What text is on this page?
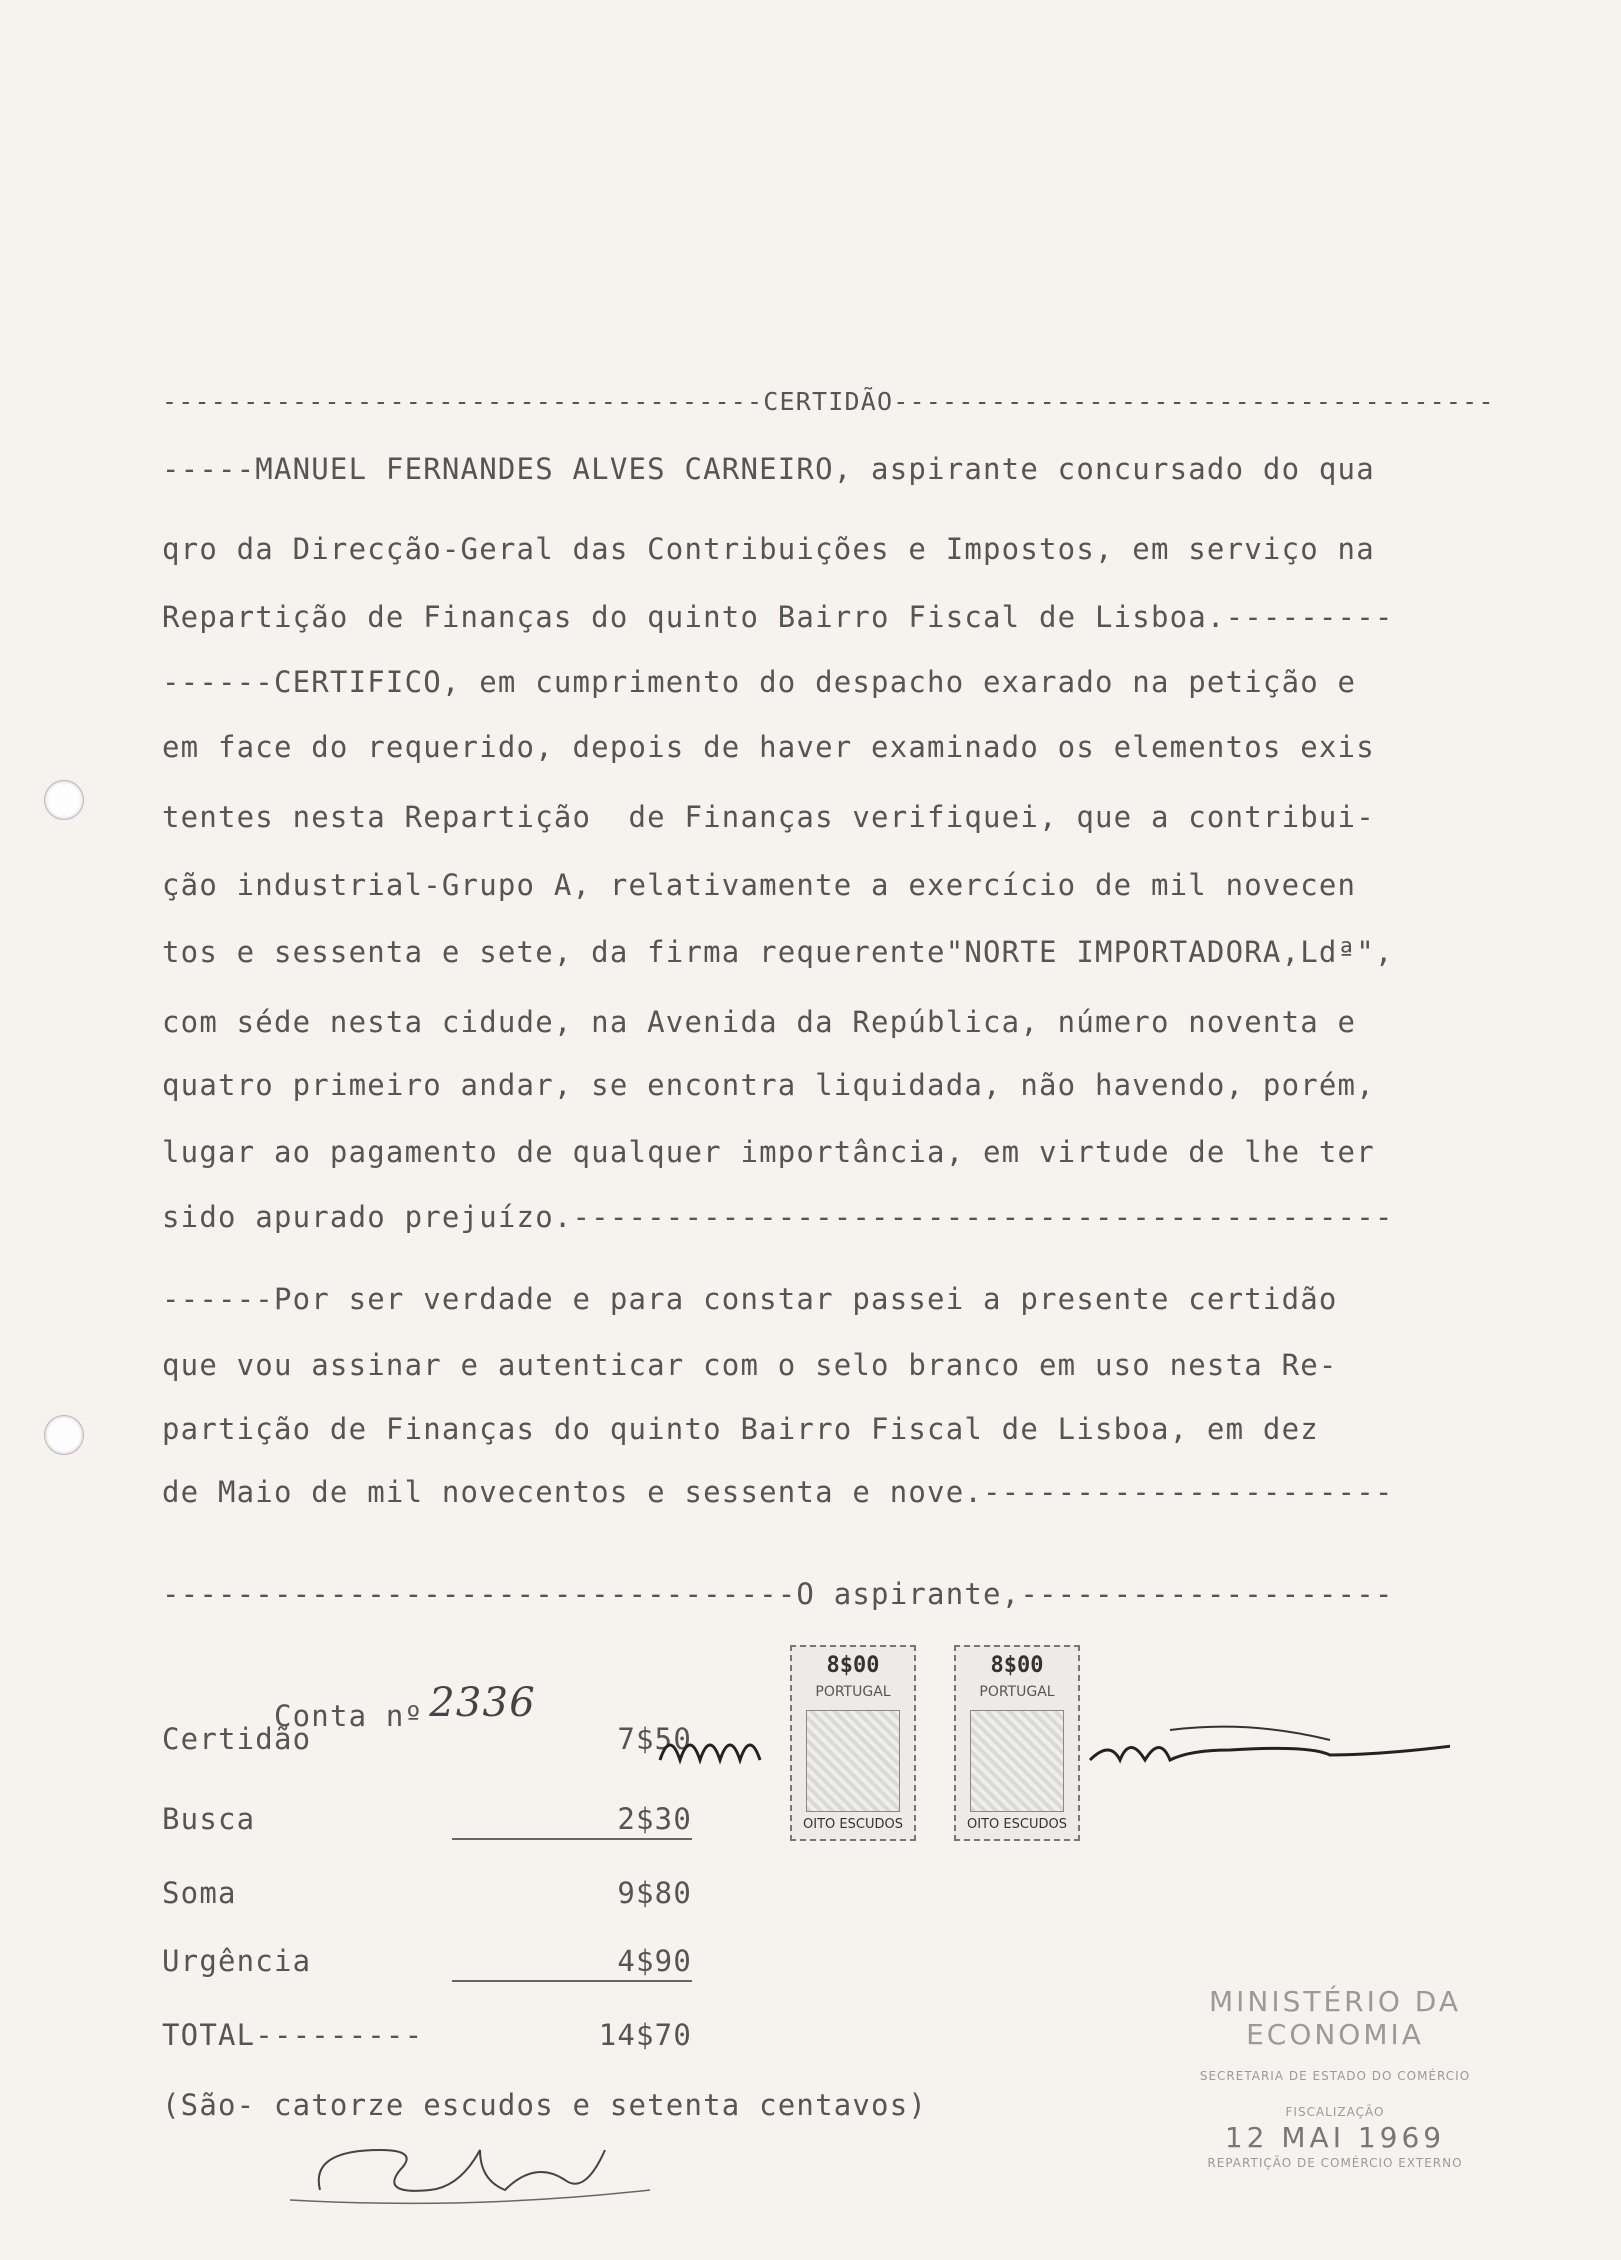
-------------------------------------CERTIDÃO-------------------------------------
-----MANUEL FERNANDES ALVES CARNEIRO, aspirante concursado do qua
qro da Direcção-Geral das Contribuições e Impostos, em serviço na
Repartição de Finanças do quinto Bairro Fiscal de Lisboa.---------
------CERTIFICO, em cumprimento do despacho exarado na petição e
em face do requerido, depois de haver examinado os elementos exis
tentes nesta Repartição  de Finanças verifiquei, que a contribui-
ção industrial-Grupo A, relativamente a exercício de mil novecen
tos e sessenta e sete, da firma requerente"NORTE IMPORTADORA,Ldª",
com séde nesta cidude, na Avenida da República, número noventa e
quatro primeiro andar, se encontra liquidada, não havendo, porém,
lugar ao pagamento de qualquer importância, em virtude de lhe ter
sido apurado prejuízo.--------------------------------------------
------Por ser verdade e para constar passei a presente certidão
que vou assinar e autenticar com o selo branco em uso nesta Re-
partição de Finanças do quinto Bairro Fiscal de Lisboa, em dez
de Maio de mil novecentos e sessenta e nove.----------------------
----------------------------------O aspirante,--------------------

Conta nº 2336

Certidão	7$50
Busca	2$30
Soma	9$80
Urgência	4$90
TOTAL---------	14$70
(São- catorze escudos e setenta centavos)
8$00
PORTUGAL
OITO ESCUDOS
8$00
PORTUGAL
OITO ESCUDOS
MINISTÉRIO DA ECONOMIA
SECRETARIA DE ESTADO DO COMÉRCIO
FISCALIZAÇÃO
12 MAI 1969
REPARTIÇÃO DE COMÉRCIO EXTERNO
